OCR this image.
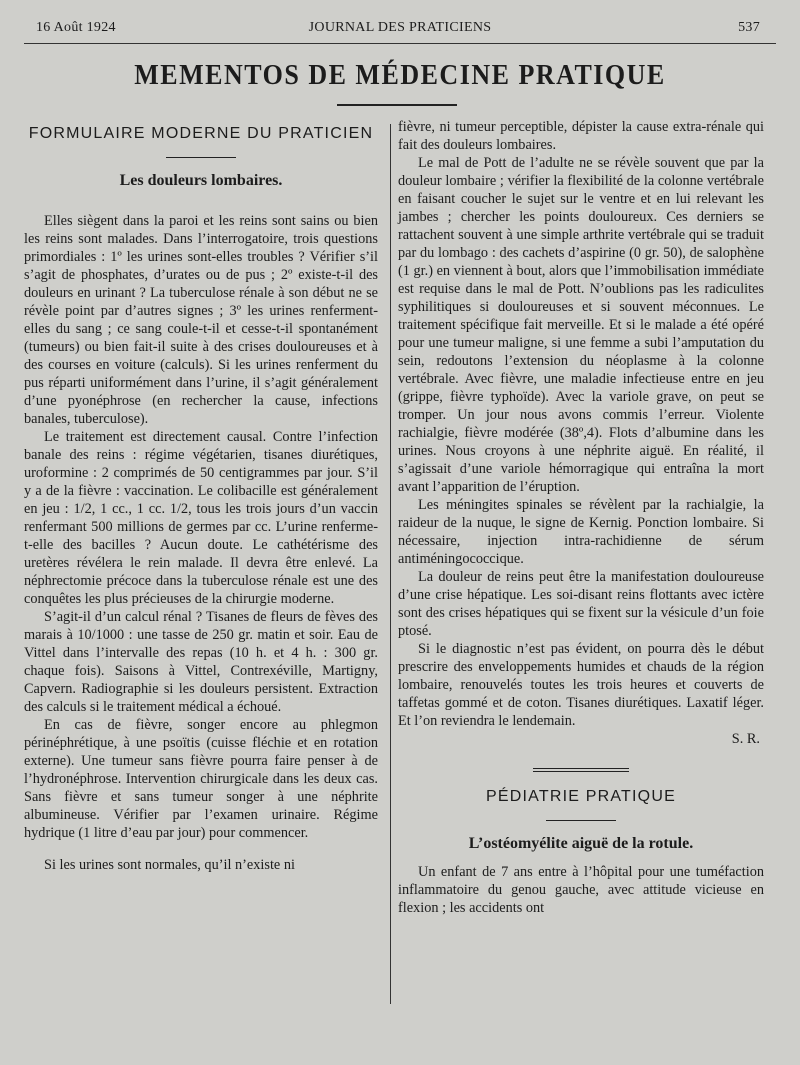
16 Août 1924	JOURNAL DES PRATICIENS	537
MEMENTOS DE MÉDECINE PRATIQUE
FORMULAIRE MODERNE DU PRATICIEN
Les douleurs lombaires.

Elles siègent dans la paroi et les reins sont sains ou bien les reins sont malades. Dans l’interrogatoire, trois questions primordiales : 1º les urines sont-elles troubles ? Vérifier s’il s’agit de phosphates, d’urates ou de pus ; 2º existe-t-il des douleurs en urinant ? La tuberculose rénale à son début ne se révèle point par d’autres signes ; 3º les urines renferment-elles du sang ; ce sang coule-t-il et cesse-t-il spontanément (tumeurs) ou bien fait-il suite à des crises douloureuses et à des courses en voiture (calculs). Si les urines renferment du pus réparti uniformément dans l’urine, il s’agit généralement d’une pyonéphrose (en rechercher la cause, infections banales, tuberculose).

Le traitement est directement causal. Contre l’infection banale des reins : régime végétarien, tisanes diurétiques, uroformine : 2 comprimés de 50 centigrammes par jour. S’il y a de la fièvre : vaccination. Le colibacille est généralement en jeu : 1/2, 1 cc., 1 cc. 1/2, tous les trois jours d’un vaccin renfermant 500 millions de germes par cc. L’urine renferme-t-elle des bacilles ? Aucun doute. Le cathétérisme des uretères révélera le rein malade. Il devra être enlevé. La néphrectomie précoce dans la tuberculose rénale est une des conquêtes les plus précieuses de la chirurgie moderne.

S’agit-il d’un calcul rénal ? Tisanes de fleurs de fèves des marais à 10/1000 : une tasse de 250 gr. matin et soir. Eau de Vittel dans l’intervalle des repas (10 h. et 4 h. : 300 gr. chaque fois). Saisons à Vittel, Contrexéville, Martigny, Capvern. Radiographie si les douleurs persistent. Extraction des calculs si le traitement médical a échoué.

En cas de fièvre, songer encore au phlegmon périnéphrétique, à une psoïtis (cuisse fléchie et en rotation externe). Une tumeur sans fièvre pourra faire penser à de l’hydronéphrose. Intervention chirurgicale dans les deux cas. Sans fièvre et sans tumeur songer à une néphrite albumineuse. Vérifier par l’examen urinaire. Régime hydrique (1 litre d’eau par jour) pour commencer.

Si les urines sont normales, qu’il n’existe ni

fièvre, ni tumeur perceptible, dépister la cause extra-rénale qui fait des douleurs lombaires.

Le mal de Pott de l’adulte ne se révèle souvent que par la douleur lombaire ; vérifier la flexibilité de la colonne vertébrale en faisant coucher le sujet sur le ventre et en lui relevant les jambes ; chercher les points douloureux. Ces derniers se rattachent souvent à une simple arthrite vertébrale qui se traduit par du lombago : des cachets d’aspirine (0 gr. 50), de salophène (1 gr.) en viennent à bout, alors que l’immobilisation immédiate est requise dans le mal de Pott. N’oublions pas les radiculites syphilitiques si douloureuses et si souvent méconnues. Le traitement spécifique fait merveille. Et si le malade a été opéré pour une tumeur maligne, si une femme a subi l’amputation du sein, redoutons l’extension du néoplasme à la colonne vertébrale. Avec fièvre, une maladie infectieuse entre en jeu (grippe, fièvre typhoïde). Avec la variole grave, on peut se tromper. Un jour nous avons commis l’erreur. Violente rachialgie, fièvre modérée (38º,4). Flots d’albumine dans les urines. Nous croyons à une néphrite aiguë. En réalité, il s’agissait d’une variole hémorragique qui entraîna la mort avant l’apparition de l’éruption.

Les méningites spinales se révèlent par la rachialgie, la raideur de la nuque, le signe de Kernig. Ponction lombaire. Si nécessaire, injection intra-rachidienne de sérum antiméningococcique.

La douleur de reins peut être la manifestation douloureuse d’une crise hépatique. Les soi-disant reins flottants avec ictère sont des crises hépatiques qui se fixent sur la vésicule d’un foie ptosé.

Si le diagnostic n’est pas évident, on pourra dès le début prescrire des enveloppements humides et chauds de la région lombaire, renouvelés toutes les trois heures et couverts de taffetas gommé et de coton. Tisanes diurétiques. Laxatif léger. Et l’on reviendra le lendemain.

S. R.
PÉDIATRIE PRATIQUE
L’ostéomyélite aiguë de la rotule.

Un enfant de 7 ans entre à l’hôpital pour une tuméfaction inflammatoire du genou gauche, avec attitude vicieuse en flexion ; les accidents ont
